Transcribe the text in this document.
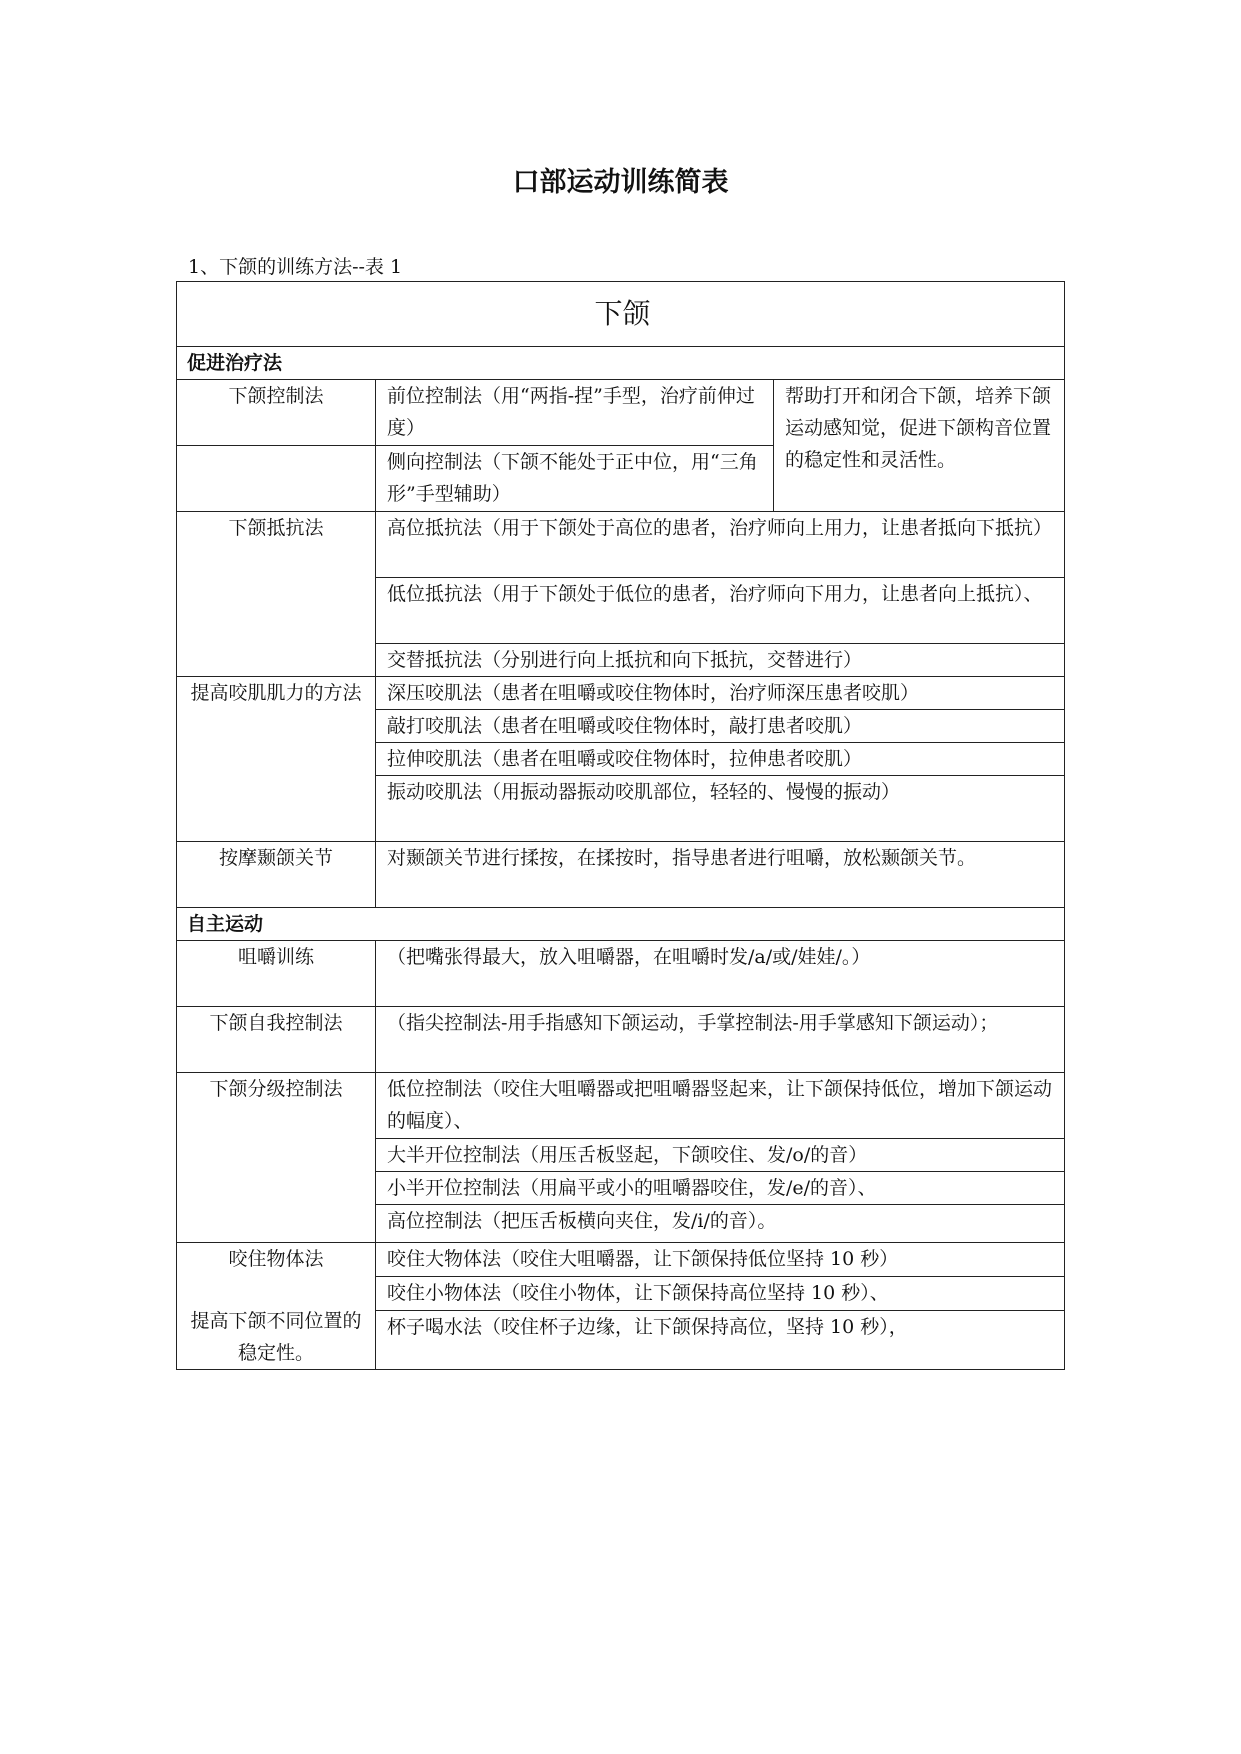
口部运动训练简表
1、下颌的训练方法--表 1
下颌		
促进治疗法		
下颌控制法	前位控制法（用“两指-捏”手型，治疗前伸过度）	帮助打开和闭合下颌，培养下颌运动感知觉，促进下颌构音位置的稳定性和灵活性。
	侧向控制法（下颌不能处于正中位，用“三角形”手型辅助）	
下颌抵抗法	高位抵抗法（用于下颌处于高位的患者，治疗师向上用力，让患者抵向下抵抗）	
	低位抵抗法（用于下颌处于低位的患者，治疗师向下用力，让患者向上抵抗）、	
	交替抵抗法（分别进行向上抵抗和向下抵抗，交替进行）	
提高咬肌肌力的方法	深压咬肌法（患者在咀嚼或咬住物体时，治疗师深压患者咬肌）	
	敲打咬肌法（患者在咀嚼或咬住物体时，敲打患者咬肌）	
	拉伸咬肌法（患者在咀嚼或咬住物体时，拉伸患者咬肌）	
	振动咬肌法（用振动器振动咬肌部位，轻轻的、慢慢的振动）	
按摩颞颌关节	对颞颌关节进行揉按，在揉按时，指导患者进行咀嚼，放松颞颌关节。	
自主运动		
咀嚼训练	（把嘴张得最大，放入咀嚼器，在咀嚼时发/a/或/娃娃/。）	
下颌自我控制法	（指尖控制法-用手指感知下颌运动，手掌控制法-用手掌感知下颌运动）；	
下颌分级控制法	低位控制法（咬住大咀嚼器或把咀嚼器竖起来，让下颌保持低位，增加下颌运动的幅度）、	
	大半开位控制法（用压舌板竖起，下颌咬住、发/o/的音）	
	小半开位控制法（用扁平或小的咀嚼器咬住，发/e/的音）、	
	高位控制法（把压舌板横向夹住，发/i/的音）。	

咬住物体法
提高下颌不同位置的稳定性。	咬住大物体法（咬住大咀嚼器，让下颌保持低位坚持 10 秒）	
	咬住小物体法（咬住小物体，让下颌保持高位坚持 10 秒）、	
	杯子喝水法（咬住杯子边缘，让下颌保持高位，坚持 10 秒），	
